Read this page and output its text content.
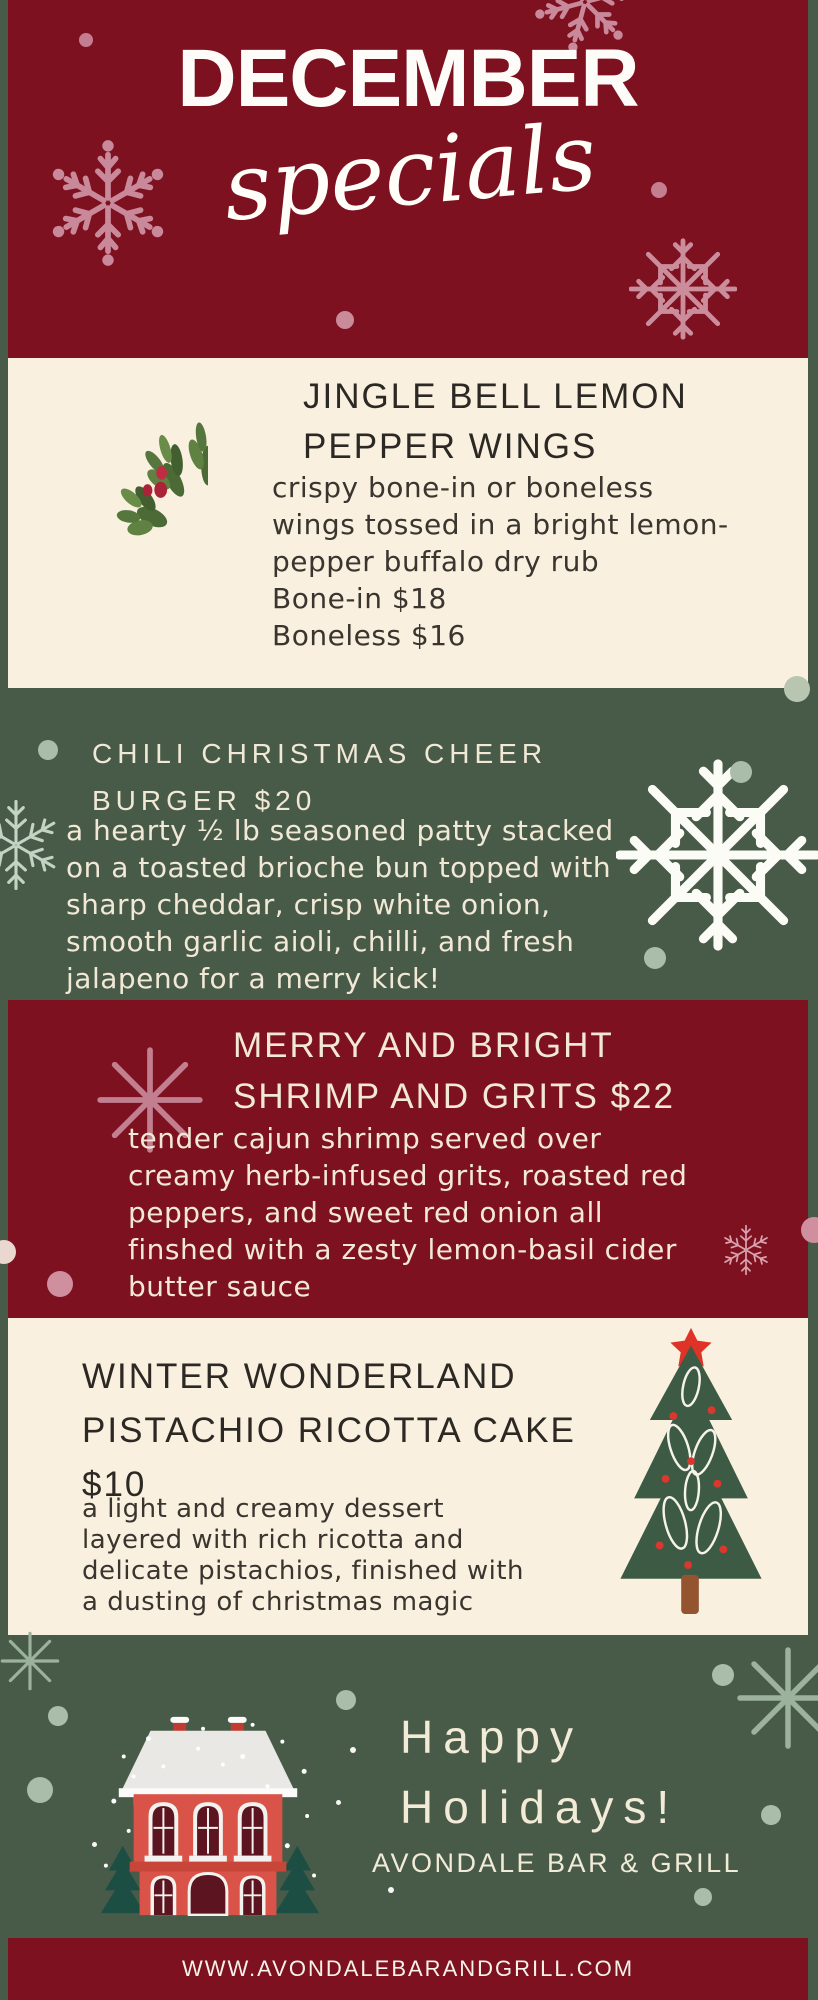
DECEMBER
specials
JINGLE BELL LEMON
PEPPER WINGS
crispy bone-in or boneless
wings tossed in a bright lemon-
pepper buffalo dry rub
Bone-in $18
Boneless $16
CHILI CHRISTMAS CHEER
BURGER $20
a hearty ½ lb seasoned patty stacked
on a toasted brioche bun topped with
sharp cheddar, crisp white onion,
smooth garlic aioli, chilli, and fresh
jalapeno for a merry kick!
MERRY AND BRIGHT
SHRIMP AND GRITS $22
tender cajun shrimp served over
creamy herb-infused grits, roasted red
peppers, and sweet red onion all
finshed with a zesty lemon-basil cider
butter sauce
WINTER WONDERLAND
PISTACHIO RICOTTA CAKE
$10
a light and creamy dessert
layered with rich ricotta and
delicate pistachios, finished with
a dusting of christmas magic
Happy
Holidays!
AVONDALE BAR & GRILL
WWW.AVONDALEBARANDGRILL.COM
